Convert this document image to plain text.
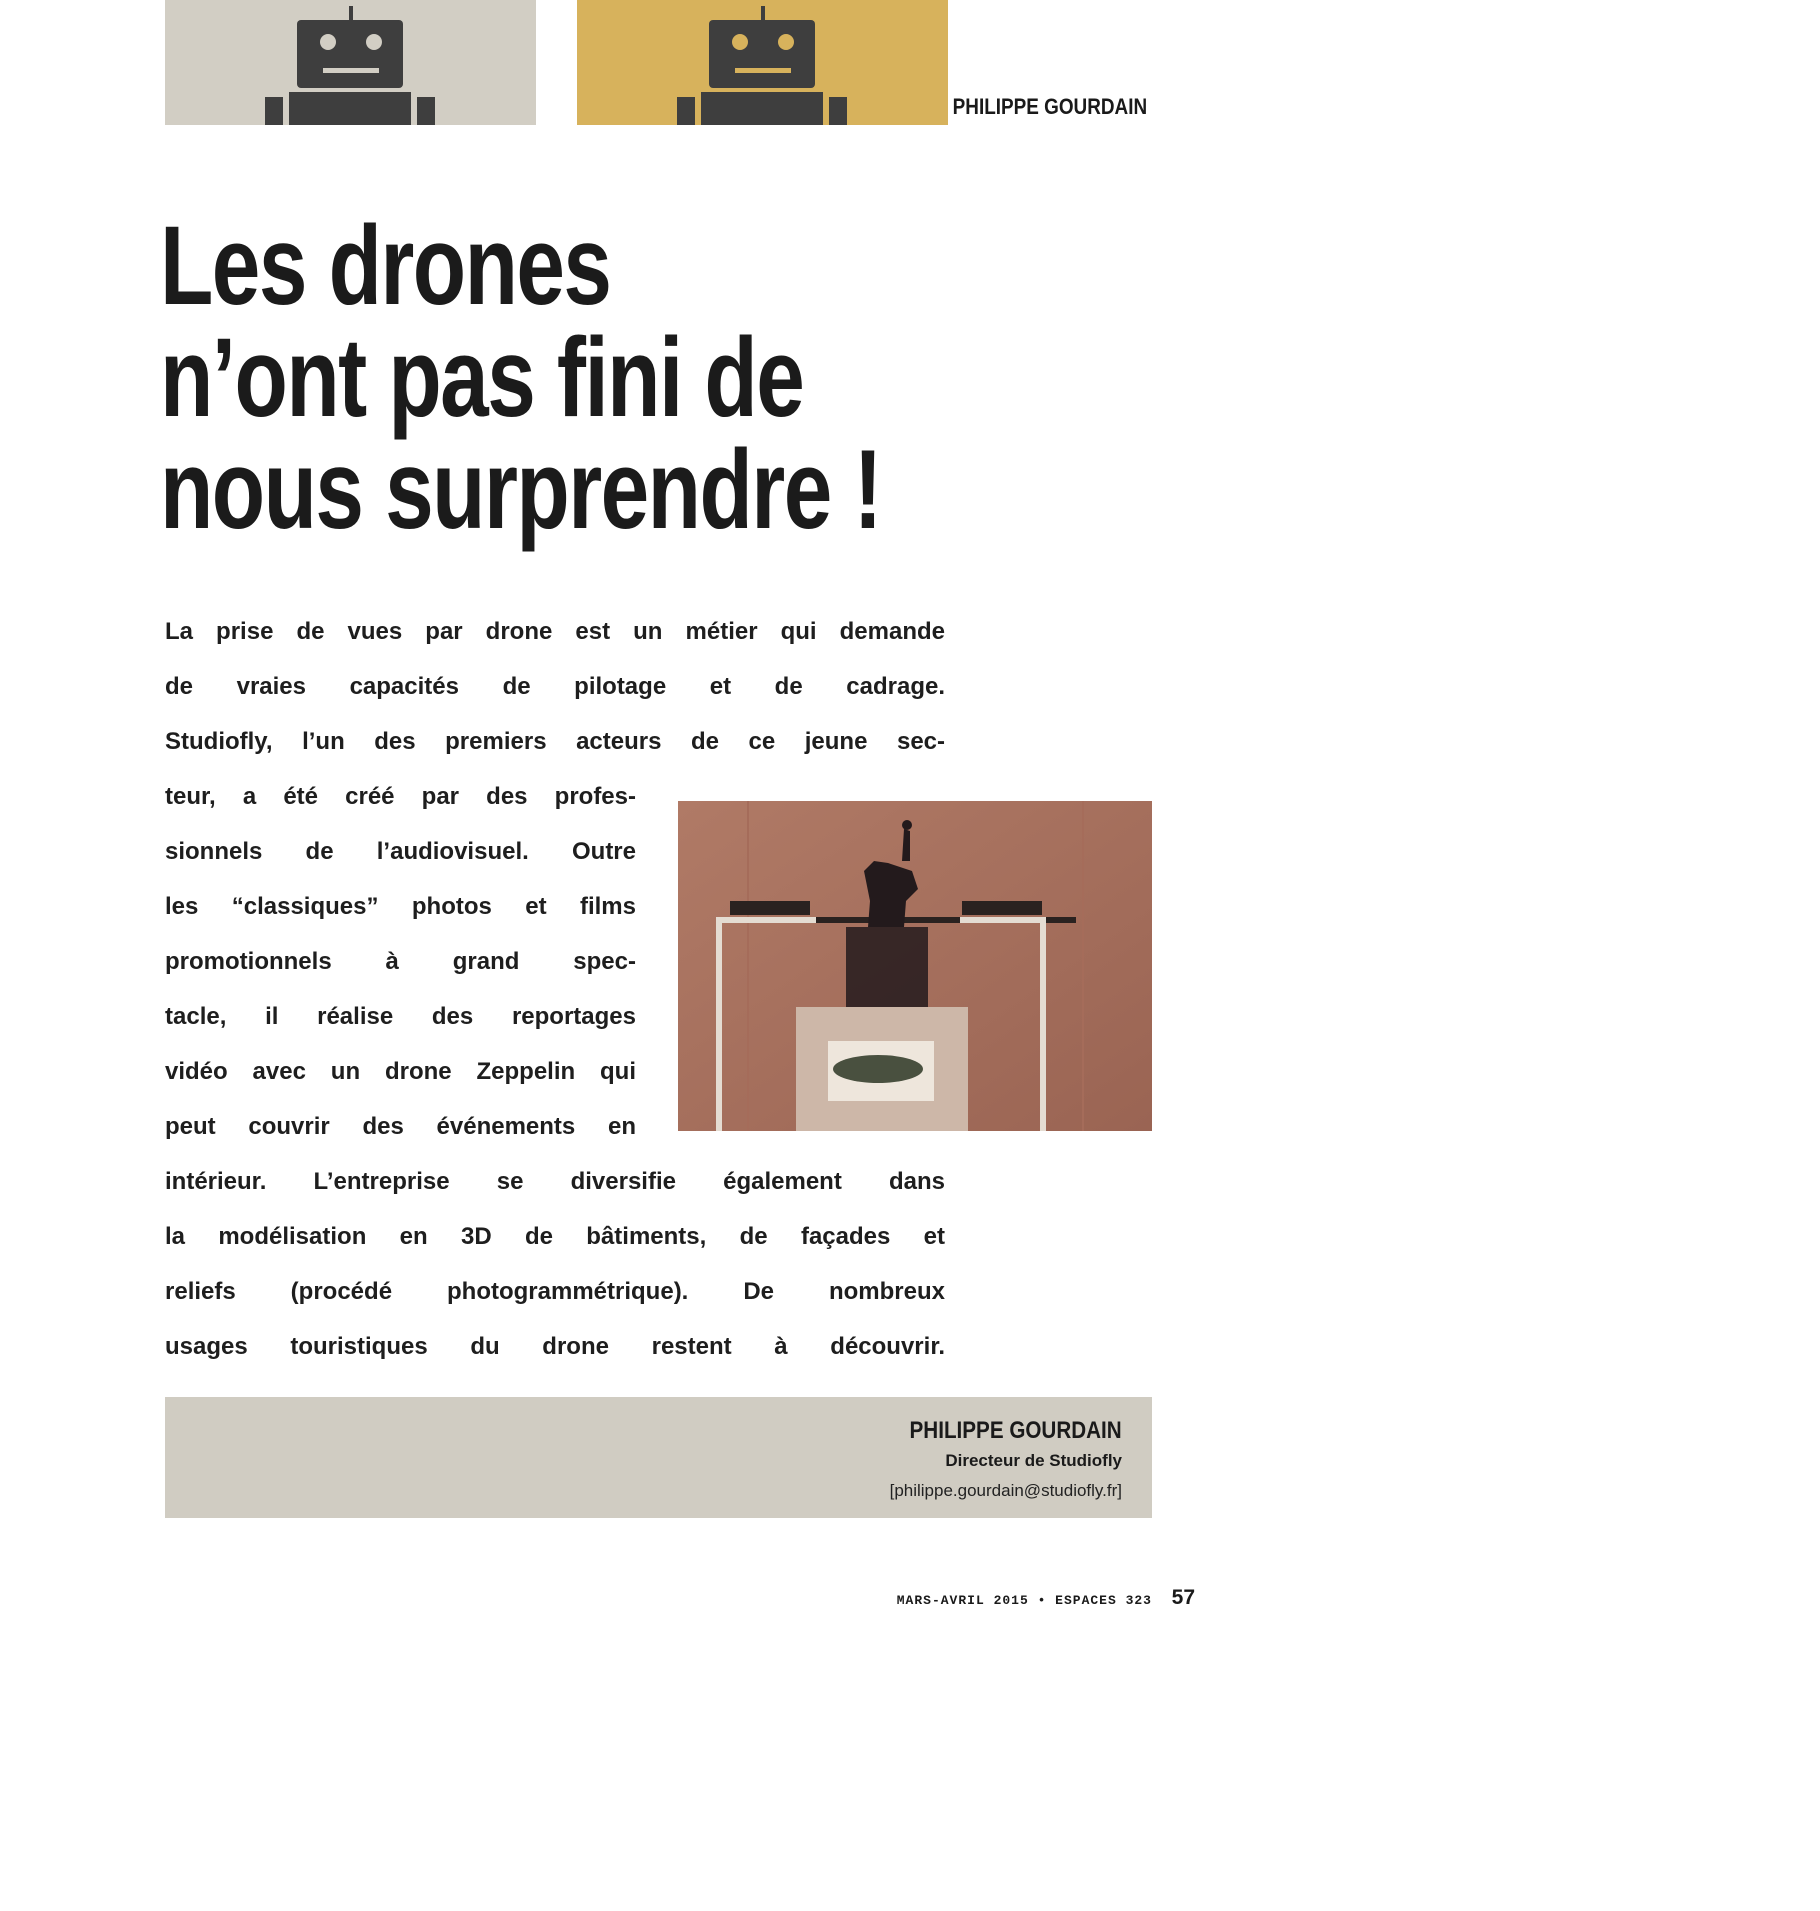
PHILIPPE GOURDAIN
Les drones
n’ont pas fini de
nous surprendre !
La prise de vues par drone est un métier qui demande
de vraies capacités de pilotage et de cadrage.
Studiofly, l’un des premiers acteurs de ce jeune sec-
teur, a été créé par des profes-
sionnels de l’audiovisuel. Outre
les “classiques” photos et films
promotionnels à grand spec-
tacle, il réalise des reportages
vidéo avec un drone Zeppelin qui
peut couvrir des événements en
intérieur. L’entreprise se diversifie également dans
la modélisation en 3D de bâtiments, de façades et
reliefs (procédé photogrammétrique). De nombreux
usages touristiques du drone restent à découvrir.
Lyon par drone © Studiofly
PHILIPPE GOURDAIN
Directeur de Studiofly
[philippe.gourdain@studiofly.fr]
MARS-AVRIL 2015 • ESPACES 323 57
